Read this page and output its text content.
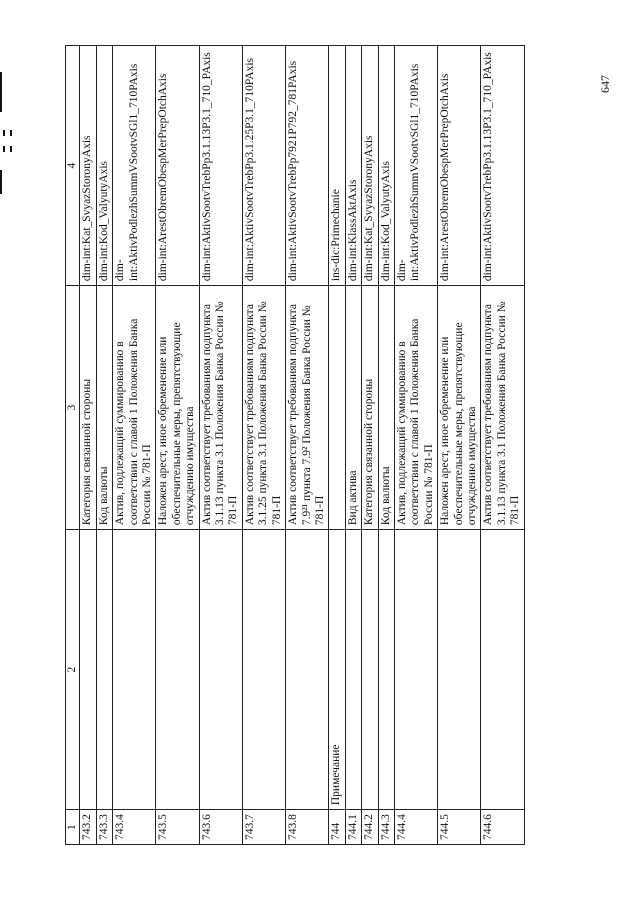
1	2	3	4
743.2		Категория связанной стороны	dim-int:Kat_SvyazStoronyAxis
743.3		Код валюты	dim-int:Kod_ValyutyAxis
743.4		Актив, подлежащий суммированию в соответствии с главой 1 Положения Банка России № 781-П	dim-int:AktivPodlezhSummVSootvSGl1_710PAxis
743.5		Наложен арест, иное обременение или обеспечительные меры, препятствующие отчуждению имущества	dim-int:ArestObremObespMerPrepOtchAxis
743.6		Актив соответствует требованиям подпункта 3.1.13 пункта 3.1 Положения Банка России № 781-П	dim-int:AktivSootvTrebPp3.1.13P3.1_710_PAxis
743.7		Актив соответствует требованиям подпункта 3.1.25 пункта 3.1 Положения Банка России № 781-П	dim-int:AktivSootvTrebPp3.1.25P3.1_710PAxis
743.8		Актив соответствует требованиям подпункта 7.9²¹ пункта 7.9² Положения Банка России № 781-П	dim-int:AktivSootvTrebPp7921P792_781PAxis
744	Примечание		ins-dic:Primechanie
744.1		Вид актива	dim-int:KlassAktAxis
744.2		Категория связанной стороны	dim-int:Kat_SvyazStoronyAxis
744.3		Код валюты	dim-int:Kod_ValyutyAxis
744.4		Актив, подлежащий суммированию в соответствии с главой 1 Положения Банка России № 781-П	dim-int:AktivPodlezhSummVSootvSGl1_710PAxis
744.5		Наложен арест, иное обременение или обеспечительные меры, препятствующие отчуждению имущества	dim-int:ArestObremObespMerPrepOtchAxis
744.6		Актив соответствует требованиям подпункта 3.1.13 пункта 3.1 Положения Банка России № 781-П	dim-int:AktivSootvTrebPp3.1.13P3.1_710_PAxis	647
